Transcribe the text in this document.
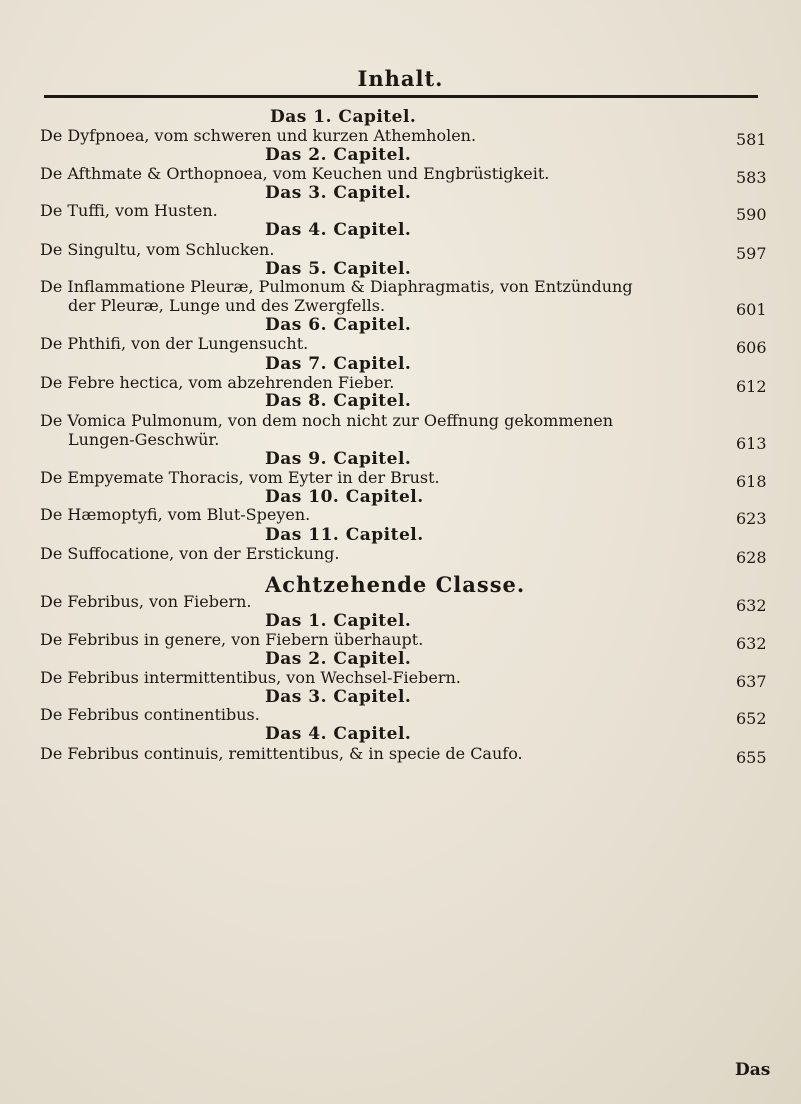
Inhalt.
Das 1. Capitel.
De Dyfpnoea, vom schweren und kurzen Athemholen.	581
Das 2. Capitel.
De Afthmate & Orthopnoea, vom Keuchen und Engbrüstigkeit.	583
Das 3. Capitel.
De Tuffi, vom Husten.	590
Das 4. Capitel.
De Singultu, vom Schlucken.	597
Das 5. Capitel.
De Inflammatione Pleuræ, Pulmonum & Diaphragmatis, von Entzündung
der Pleuræ, Lunge und des Zwergfells.	601
Das 6. Capitel.
De Phthifi, von der Lungensucht.	606
Das 7. Capitel.
De Febre hectica, vom abzehrenden Fieber.	612
Das 8. Capitel.
De Vomica Pulmonum, von dem noch nicht zur Oeffnung gekommenen
Lungen-Geschwür.	613
Das 9. Capitel.
De Empyemate Thoracis, vom Eyter in der Brust.	618
Das 10. Capitel.
De Hæmoptyfi, vom Blut-Speyen.	623
Das 11. Capitel.
De Suffocatione, von der Erstickung.	628
Achtzehende Classe.
De Febribus, von Fiebern.	632
Das 1. Capitel.
De Febribus in genere, von Fiebern überhaupt.	632
Das 2. Capitel.
De Febribus intermittentibus, von Wechsel-Fiebern.	637
Das 3. Capitel.
De Febribus continentibus.	652
Das 4. Capitel.
De Febribus continuis, remittentibus, & in specie de Caufo.	655
Das
